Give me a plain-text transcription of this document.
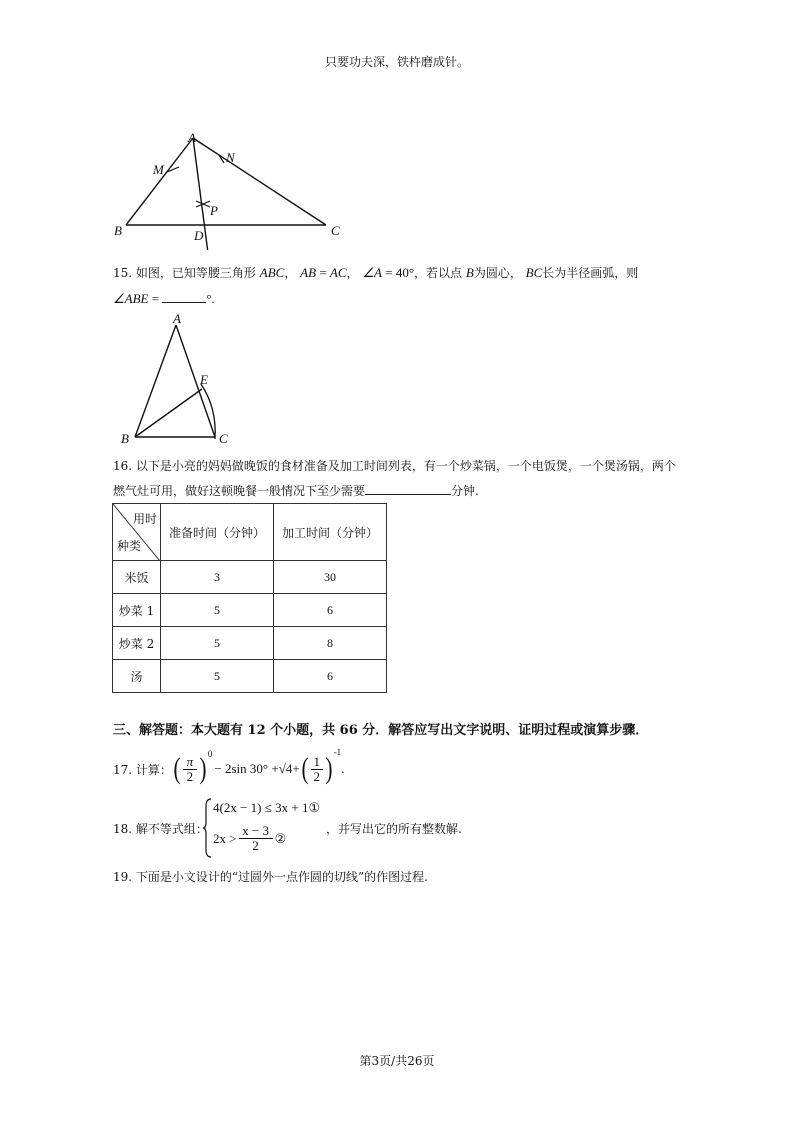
只要功夫深，铁杵磨成针。
A
M
N
P
B	D	C
15. 如图，已知等腰三角形 ABC， AB = AC， ∠A = 40°，若以点 B为圆心， BC长为半径画弧，则
∠ABE =	°.
A
E
B	C
16. 以下是小亮的妈妈做晚饭的食材准备及加工时间列表，有一个炒菜锅，一个电饭煲，一个煲汤锅，两个
燃气灶可用，做好这顿晚餐一般情况下至少需要	分钟.
用时
种类	准备时间（分钟）	加工时间（分钟）
米饭	3	30
炒菜 1	5	6
炒菜 2	5	8
汤	5	6
三、解答题：本大题有 12 个小题，共 66 分．解答应写出文字说明、证明过程或演算步骤．
17. 计算： ( π
2 )$^0$
− 2sin 30° + √4 + ( 1
2 )$^{-1}$
.
18. 解不等式组：
4(2x − 1) ≤ 3x + 1①
2x > x − 3
2 ②
，并写出它的所有整数解.
19. 下面是小文设计的“过圆外一点作圆的切线”的作图过程.
第3页/共26页
